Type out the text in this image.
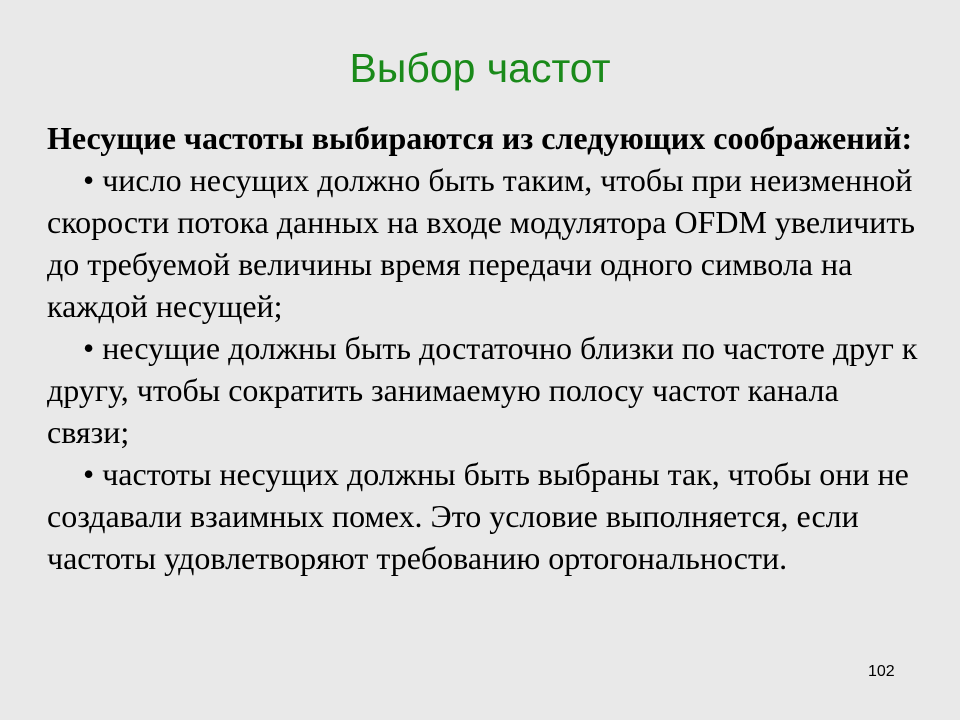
Выбор частот

Несущие частоты выбираются из следующих соображений:

• число несущих должно быть таким, чтобы при неизменной скорости потока данных на входе модулятора OFDM увеличить до требуемой величины время передачи одного символа на каждой несущей;

• несущие должны быть достаточно близки по частоте друг к другу, чтобы сократить занимаемую полосу частот канала связи;

• частоты несущих должны быть выбраны так, чтобы они не создавали взаимных помех. Это условие выполняется, если частоты удовлетворяют требованию ортогональности.

102
